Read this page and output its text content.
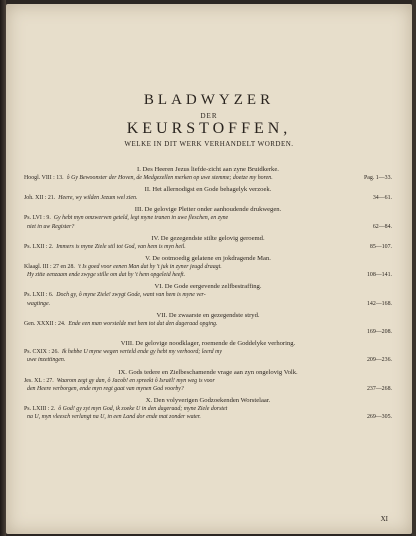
BLADWYZER
DER
KEURSTOFFEN,
WELKE IN DIT WERK VERHANDELT WORDEN.
I. Des Heeren Jezus liefde-zicht aan zyne Bruidkerke.
Hoogl. VIII : 13. ô Gy Bewoonster der Hoven, de Medgezellen merken op uwe stemme; doetze my horen.	Pag. 1—33.
II. Het allernodigst en Gode behagelyk verzoek.
Joh. XII : 21. Heere, wy wilden Jezum wel zien.	34—61.
III. De gelovige Pleiter onder aanhoudende drukwegen.
Ps. LVI : 9. Gy hebt myn omzwerven geteld, legt myne tranen in uwe fleschen, en zyne
niet in uw Register?	62—84.
IV. De gezegendste stilte gelovig geroemd.
Ps. LXII : 2. Immers is myne Ziele stil tot God, van hem is myn heil.	85—107.
V. De ootmoedig gelatene en jokdragende Man.
Klaagl. III : 27 en 28. 't Is goed voor eenen Man dat hy 't juk in zyner jeugd draagt.
Hy zitte eenzaam ende zwyge stille om dat hy 't hem opgeleid heeft.	108—141.
VI. De Gode eergevende zelfbestraffing.
Ps. LXII : 6. Doch gy, ô myne Ziele! zwygt Gode, want van hem is myne ver-
wagtinge.	142—168.
VII. De zwaarste en gezegendste stryd.
Gen. XXXII : 24. Ende een man worstelde met hem tot dat den dageraad opging.
169—208.
VIII. De gelovige noodklager, roemende de Goddelyke verhoring.
Ps. CXIX : 26. Ik hebbe U myne wegen verteld ende gy hebt my verhoord; leerd my
uwe inzettingen.	209—236.
IX. Gods tedere en Zielbeschamende vrage aan zyn ongelovig Volk.
Jes. XL : 27. Waarom zegt gy dan, ô Jacob! en spreekt ô Israël! myn weg is voor
den Heere verborgen, ende myn regt gaat van mynen God voorby?	237—268.
X. Den volyverigen Godzoekenden Worstelaar.
Ps. LXIII : 2. ô God! gy zyt myn God, ik zoeke U in den dageraad; myne Ziele dorstet
na U, myn vleesch verlangt na U, in een Land dor ende mat zonder water.	269—305.
XI
